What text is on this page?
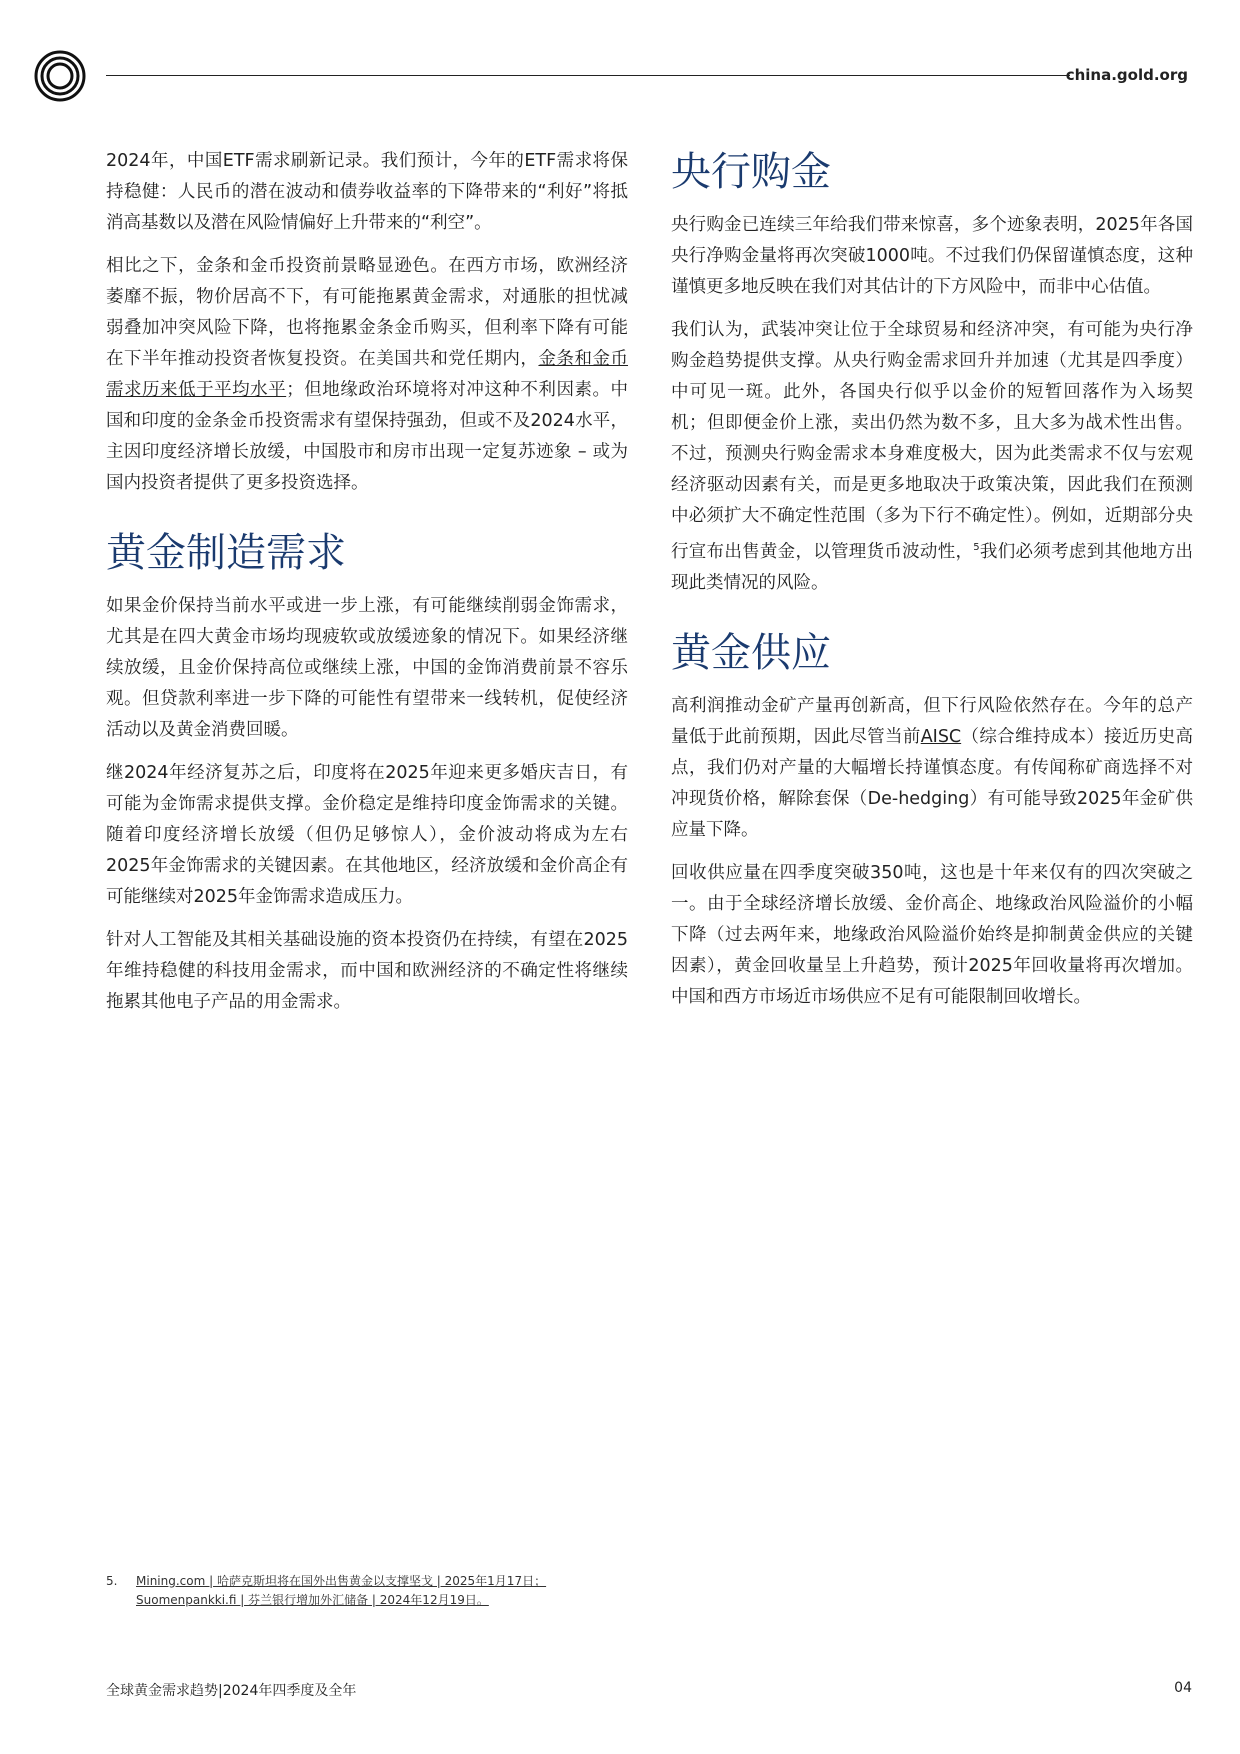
china.gold.org

2024年，中国ETF需求刷新记录。我们预计，今年的ETF需求将保持稳健：人民币的潜在波动和债券收益率的下降带来的“利好”将抵消高基数以及潜在风险情偏好上升带来的“利空”。

相比之下，金条和金币投资前景略显逊色。在西方市场，欧洲经济萎靡不振，物价居高不下，有可能拖累黄金需求，对通胀的担忧减弱叠加冲突风险下降，也将拖累金条金币购买，但利率下降有可能在下半年推动投资者恢复投资。在美国共和党任期内，金条和金币需求历来低于平均水平；但地缘政治环境将对冲这种不利因素。中国和印度的金条金币投资需求有望保持强劲，但或不及2024水平，主因印度经济增长放缓，中国股市和房市出现一定复苏迹象 – 或为国内投资者提供了更多投资选择。

黄金制造需求

如果金价保持当前水平或进一步上涨，有可能继续削弱金饰需求，尤其是在四大黄金市场均现疲软或放缓迹象的情况下。如果经济继续放缓，且金价保持高位或继续上涨，中国的金饰消费前景不容乐观。但贷款利率进一步下降的可能性有望带来一线转机，促使经济活动以及黄金消费回暖。

继2024年经济复苏之后，印度将在2025年迎来更多婚庆吉日，有可能为金饰需求提供支撑。金价稳定是维持印度金饰需求的关键。随着印度经济增长放缓（但仍足够惊人），金价波动将成为左右2025年金饰需求的关键因素。在其他地区，经济放缓和金价高企有可能继续对2025年金饰需求造成压力。

针对人工智能及其相关基础设施的资本投资仍在持续，有望在2025年维持稳健的科技用金需求，而中国和欧洲经济的不确定性将继续拖累其他电子产品的用金需求。

央行购金

央行购金已连续三年给我们带来惊喜，多个迹象表明，2025年各国央行净购金量将再次突破1000吨。不过我们仍保留谨慎态度，这种谨慎更多地反映在我们对其估计的下方风险中，而非中心估值。

我们认为，武装冲突让位于全球贸易和经济冲突，有可能为央行净购金趋势提供支撑。从央行购金需求回升并加速（尤其是四季度）中可见一斑。此外，各国央行似乎以金价的短暂回落作为入场契机；但即便金价上涨，卖出仍然为数不多，且大多为战术性出售。不过，预测央行购金需求本身难度极大，因为此类需求不仅与宏观经济驱动因素有关，而是更多地取决于政策决策，因此我们在预测中必须扩大不确定性范围（多为下行不确定性）。例如，近期部分央行宣布出售黄金，以管理货币波动性，$^5$我们必须考虑到其他地方出现此类情况的风险。

黄金供应

高利润推动金矿产量再创新高，但下行风险依然存在。今年的总产量低于此前预期，因此尽管当前AISC（综合维持成本）接近历史高点，我们仍对产量的大幅增长持谨慎态度。有传闻称矿商选择不对冲现货价格，解除套保（De-hedging）有可能导致2025年金矿供应量下降。

回收供应量在四季度突破350吨，这也是十年来仅有的四次突破之一。由于全球经济增长放缓、金价高企、地缘政治风险溢价的小幅下降（过去两年来，地缘政治风险溢价始终是抑制黄金供应的关键因素），黄金回收量呈上升趋势，预计2025年回收量将再次增加。中国和西方市场近市场供应不足有可能限制回收增长。

5. Mining.com | 哈萨克斯坦将在国外出售黄金以支撑坚戈 | 2025年1月17日；Suomenpankki.fi | 芬兰银行增加外汇储备 | 2024年12月19日。
全球黄金需求趋势|2024年四季度及全年	04
